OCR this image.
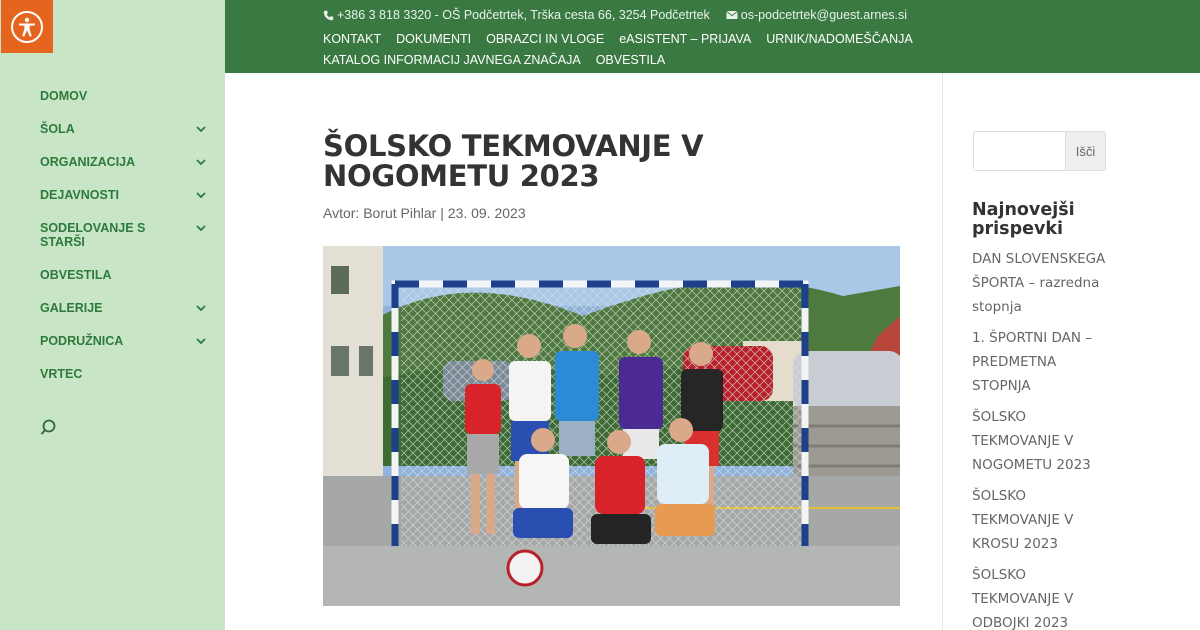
DOMOV
ŠOLA
ORGANIZACIJA
DEJAVNOSTI
SODELOVANJE S STARŠI
OBVESTILA
GALERIJE
PODRUŽNICA
VRTEC
+386 3 818 3320 - OŠ Podčetrtek, Trška cesta 66, 3254 Podčetrtek os-podcetrtek@guest.arnes.si
KONTAKT DOKUMENTI OBRAZCI IN VLOGE eASISTENT – PRIJAVA URNIK/NADOMEŠČANJAKATALOG INFORMACIJ JAVNEGA ZNAČAJA OBVESTILA
ŠOLSKO TEKMOVANJE V NOGOMETU 2023
Avtor: Borut Pihlar | 23. 09. 2023
Išči
Najnovejši prispevki
DAN SLOVENSKEGA ŠPORTA – razredna stopnja
1. ŠPORTNI DAN – PREDMETNA STOPNJA
ŠOLSKO TEKMOVANJE V NOGOMETU 2023
ŠOLSKO TEKMOVANJE V KROSU 2023
ŠOLSKO TEKMOVANJE V ODBOJKI 2023
